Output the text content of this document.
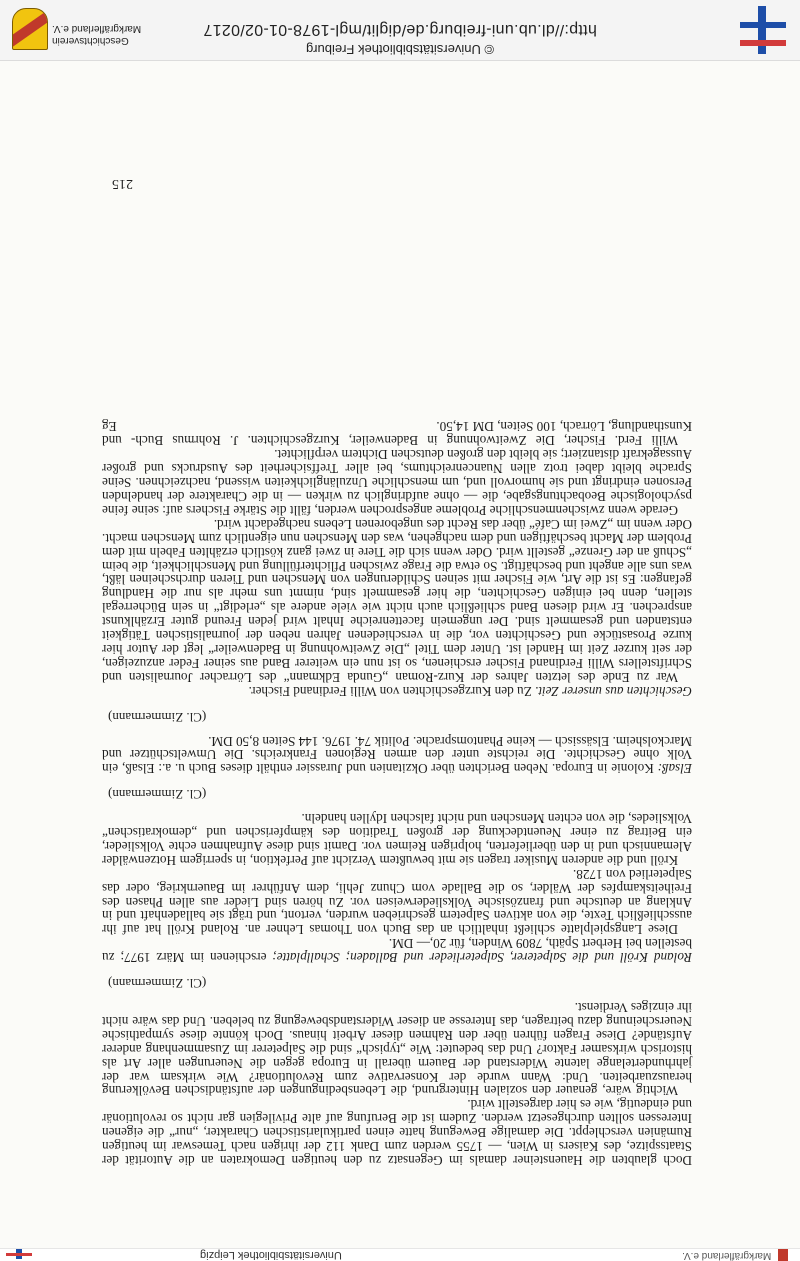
Markgräflerland e.V.
Universitätsbibliothek Leipzig

Doch glaubten die Hauensteiner damals im Gegensatz zu den heutigen Demokraten an die Autorität der Staatsspitze, des Kaisers in Wien, — 1755 werden zum Dank 112 der ihrigen nach Temeswar im heutigen Rumänien verschleppt. Die damalige Bewegung hatte einen partikularistischen Charakter, „nur“ die eigenen Interessen sollten durchgesetzt werden. Zudem ist die Berufung auf alte Privilegien gar nicht so revolutionär und eindeutig, wie es hier dargestellt wird.

Wichtig wäre, genauer den sozialen Hintergrund, die Lebensbedingungen der aufständischen Bevölkerung herauszuarbeiten. Und: Wann wurde der Konservative zum Revolutionär? Wie wirksam war der jahrhundertelange latente Widerstand der Bauern überall in Europa gegen die Neuerungen aller Art als historisch wirksamer Faktor? Und das bedeutet: Wie „typisch“ sind die Salpeterer im Zusammenhang anderer Aufstände? Diese Fragen führen über den Rahmen dieser Arbeit hinaus. Doch könnte diese sympathische Neuerscheinung dazu beitragen, das Interesse an dieser Widerstandsbewegung zu beleben. Und das wäre nicht ihr einziges Verdienst.

(Cl. Zimmermann)

Roland Kröll und die Salpeterer, Salpeterlieder und Balladen; Schallplatte; erschienen im März 1977; zu bestellen bei Herbert Späth, 7809 Winden, für 20,— DM.

Diese Langspielplatte schließt inhaltlich an das Buch von Thomas Lehner an. Roland Kröll hat auf ihr ausschließlich Texte, die von aktiven Salpetern geschrieben wurden, vertont, und trägt sie balladenhaft und in Anklang an deutsche und französische Volksliederweisen vor. Zu hören sind Lieder aus allen Phasen des Freiheitskampfes der Wälder, so die Ballade vom Chunz Jehli, dem Anführer im Bauernkrieg, oder das Salpeterlied von 1728.

Kröll und die anderen Musiker tragen sie mit bewußtem Verzicht auf Perfektion, in sperrigem Hotzenwälder Alemannisch und in den überlieferten, holprigen Reimen vor. Damit sind diese Aufnahmen echte Volkslieder, ein Beitrag zu einer Neuentdeckung der großen Tradition des kämpferischen und „demokratischen“ Volksliedes, die von echten Menschen und nicht falschen Idyllen handeln.

(Cl. Zimmermann)

Elsaß: Kolonie in Europa. Neben Berichten über Okzitanien und Jurassier enthält dieses Buch u. a.: Elsaß, ein Volk ohne Geschichte. Die reichste unter den armen Regionen Frankreichs. Die Umweltschützer und Marckolsheim. Elsässisch — keine Phantomsprache. Politik 74. 1976. 144 Seiten 8,50 DM.

(Cl. Zimmermann)

Geschichten aus unserer Zeit. Zu den Kurzgeschichten von Willi Ferdinand Fischer.

War zu Ende des letzten Jahres der Kurz-Roman „Gunda Edkmann“ des Lörracher Journalisten und Schriftstellers Willi Ferdinand Fischer erschienen, so ist nun ein weiterer Band aus seiner Feder anzuzeigen, der seit kurzer Zeit im Handel ist. Unter dem Titel „Die Zweitwohnung in Badenweiler“ legt der Autor hier kurze Prosastücke und Geschichten vor, die in verschiedenen Jahren neben der journalistischen Tätigkeit entstanden und gesammelt sind. Der ungemein facettenreiche Inhalt wird jeden Freund guter Erzählkunst ansprechen. Er wird diesen Band schließlich auch nicht wie viele andere als „erledigt“ in sein Bücherregal stellen, denn bei einigen Geschichten, die hier gesammelt sind, nimmt uns mehr als nur die Handlung gefangen: Es ist die Art, wie Fischer mit seinen Schilderungen von Menschen und Tieren durchscheinen läßt, was uns alle angeht und beschäftigt. So etwa die Frage zwischen Pflichterfüllung und Menschlichkeit, die beim „Schuß an der Grenze“ gestellt wird. Oder wenn sich die Tiere in zwei ganz köstlich erzählten Fabeln mit dem Problem der Macht beschäftigen und dem nachgehen, was den Menschen nun eigentlich zum Menschen macht. Oder wenn im „Zwei im Café“ über das Recht des ungeborenen Lebens nachgedacht wird.

Gerade wenn zwischenmenschliche Probleme angesprochen werden, fällt die Stärke Fischers auf: seine feine psychologische Beobachtungsgabe, die — ohne aufdringlich zu wirken — in die Charaktere der handelnden Personen eindringt und sie humorvoll und, um menschliche Unzulänglichkeiten wissend, nachzeichnen. Seine Sprache bleibt dabei trotz allen Nuancenreichtums, bei aller Treffsicherheit des Ausdrucks und großer Aussagekraft distanziert; sie bleibt den großen deutschen Dichtern verpflichtet.

Willi Ferd. Fischer, Die Zweitwohnung in Badenweiler, Kurzgeschichten. J. Rohrmus Buch- und Kunsthandlung, Lörrach, 100 Seiten, DM 14,50.
Eg

215
© Universitätsbibliothek Freiburg
http://dl.ub.uni-freiburg.de/diglit/mgl-1978-01-02/0217
Geschichtsverein
Markgräflerland e.V.
